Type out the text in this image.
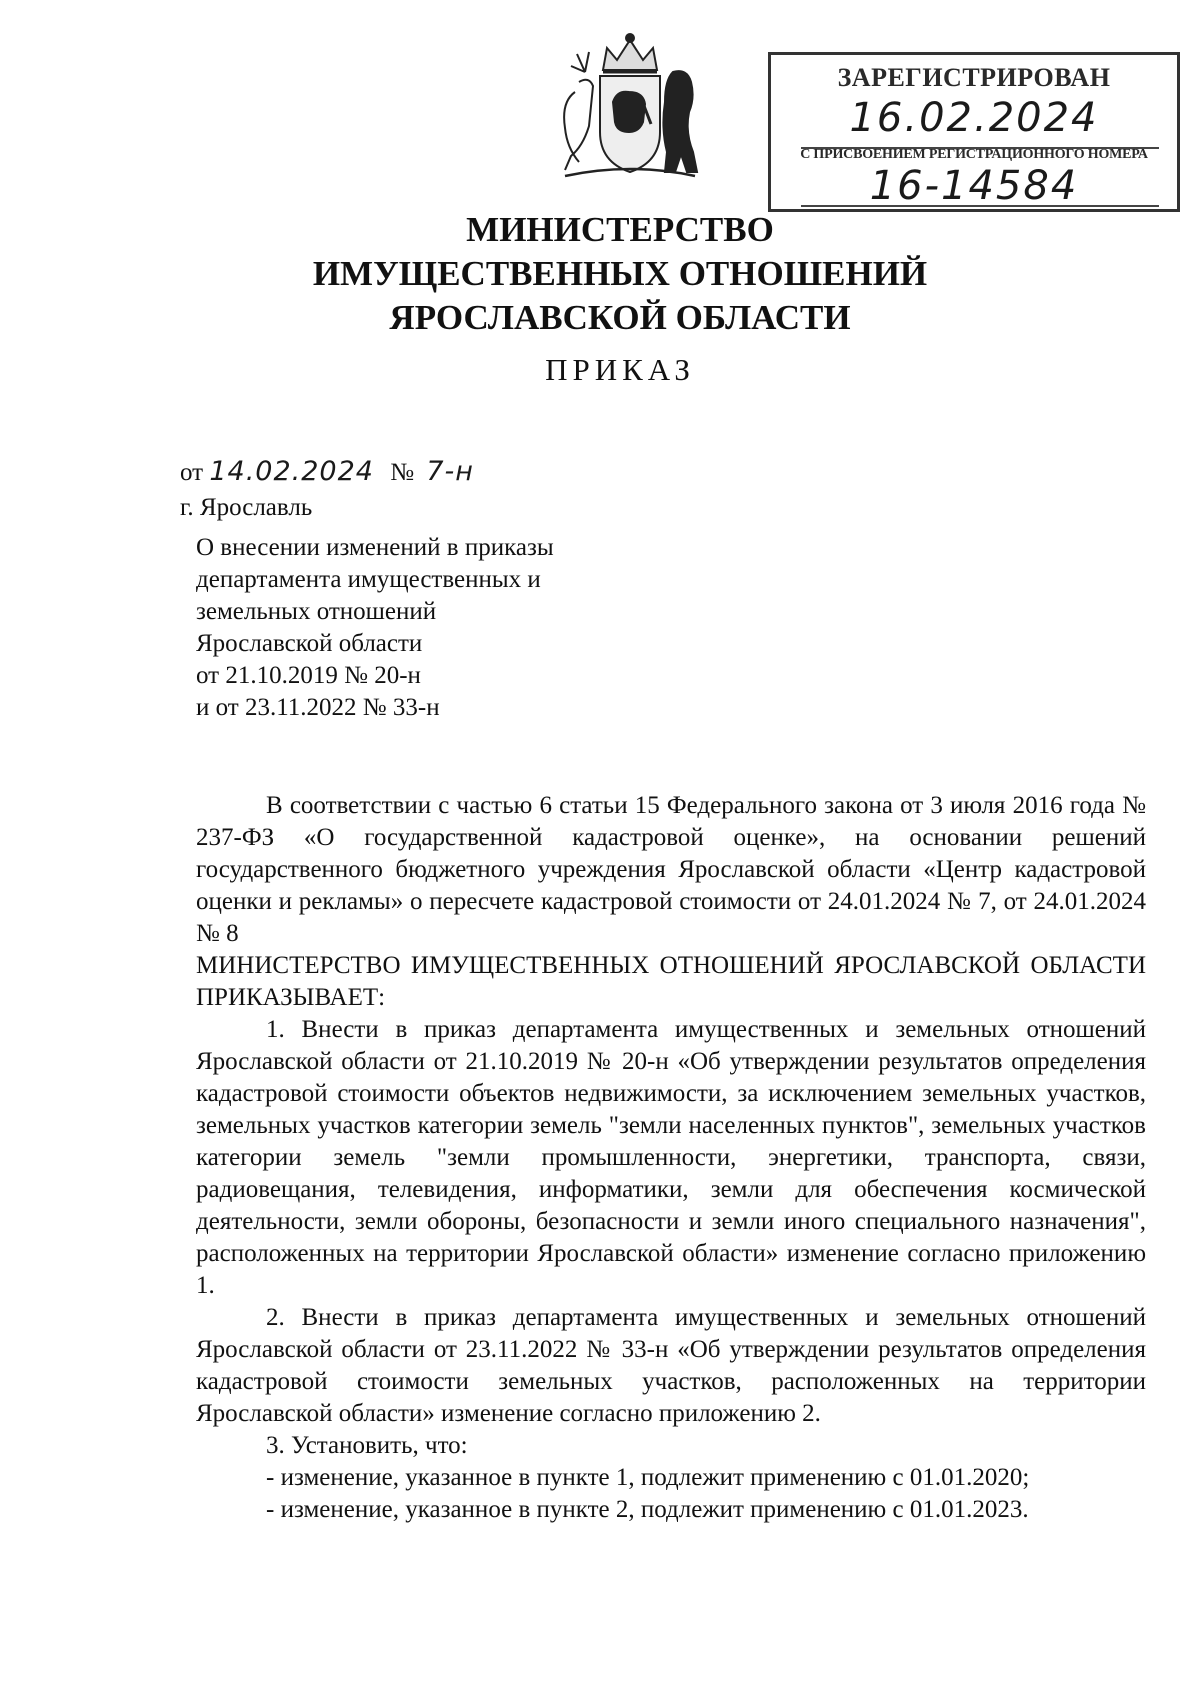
ЗАРЕГИСТРИРОВАН
16.02.2024
С ПРИСВОЕНИЕМ РЕГИСТРАЦИОННОГО НОМЕРА
16-14584
МИНИСТЕРСТВО
ИМУЩЕСТВЕННЫХ ОТНОШЕНИЙ
ЯРОСЛАВСКОЙ ОБЛАСТИ
ПРИКАЗ
от 14.02.2024 № 7-н
г. Ярославль
О внесении изменений в приказы
департамента имущественных и
земельных отношений
Ярославской области
от 21.10.2019 № 20-н
и от 23.11.2022 № 33-н

В соответствии с частью 6 статьи 15 Федерального закона от 3 июля 2016 года № 237-ФЗ «О государственной кадастровой оценке», на основании решений государственного бюджетного учреждения Ярославской области «Центр кадастровой оценки и рекламы» о пересчете кадастровой стоимости от 24.01.2024 № 7, от 24.01.2024 № 8

МИНИСТЕРСТВО ИМУЩЕСТВЕННЫХ ОТНОШЕНИЙ ЯРОСЛАВСКОЙ ОБЛАСТИ ПРИКАЗЫВАЕТ:

1. Внести в приказ департамента имущественных и земельных отношений Ярославской области от 21.10.2019 № 20-н «Об утверждении результатов определения кадастровой стоимости объектов недвижимости, за исключением земельных участков, земельных участков категории земель "земли населенных пунктов", земельных участков категории земель "земли промышленности, энергетики, транспорта, связи, радиовещания, телевидения, информатики, земли для обеспечения космической деятельности, земли обороны, безопасности и земли иного специального назначения", расположенных на территории Ярославской области» изменение согласно приложению 1.

2. Внести в приказ департамента имущественных и земельных отношений Ярославской области от 23.11.2022 № 33-н «Об утверждении результатов определения кадастровой стоимости земельных участков, расположенных на территории Ярославской области» изменение согласно приложению 2.

3. Установить, что:

- изменение, указанное в пункте 1, подлежит применению с 01.01.2020;

- изменение, указанное в пункте 2, подлежит применению с 01.01.2023.
